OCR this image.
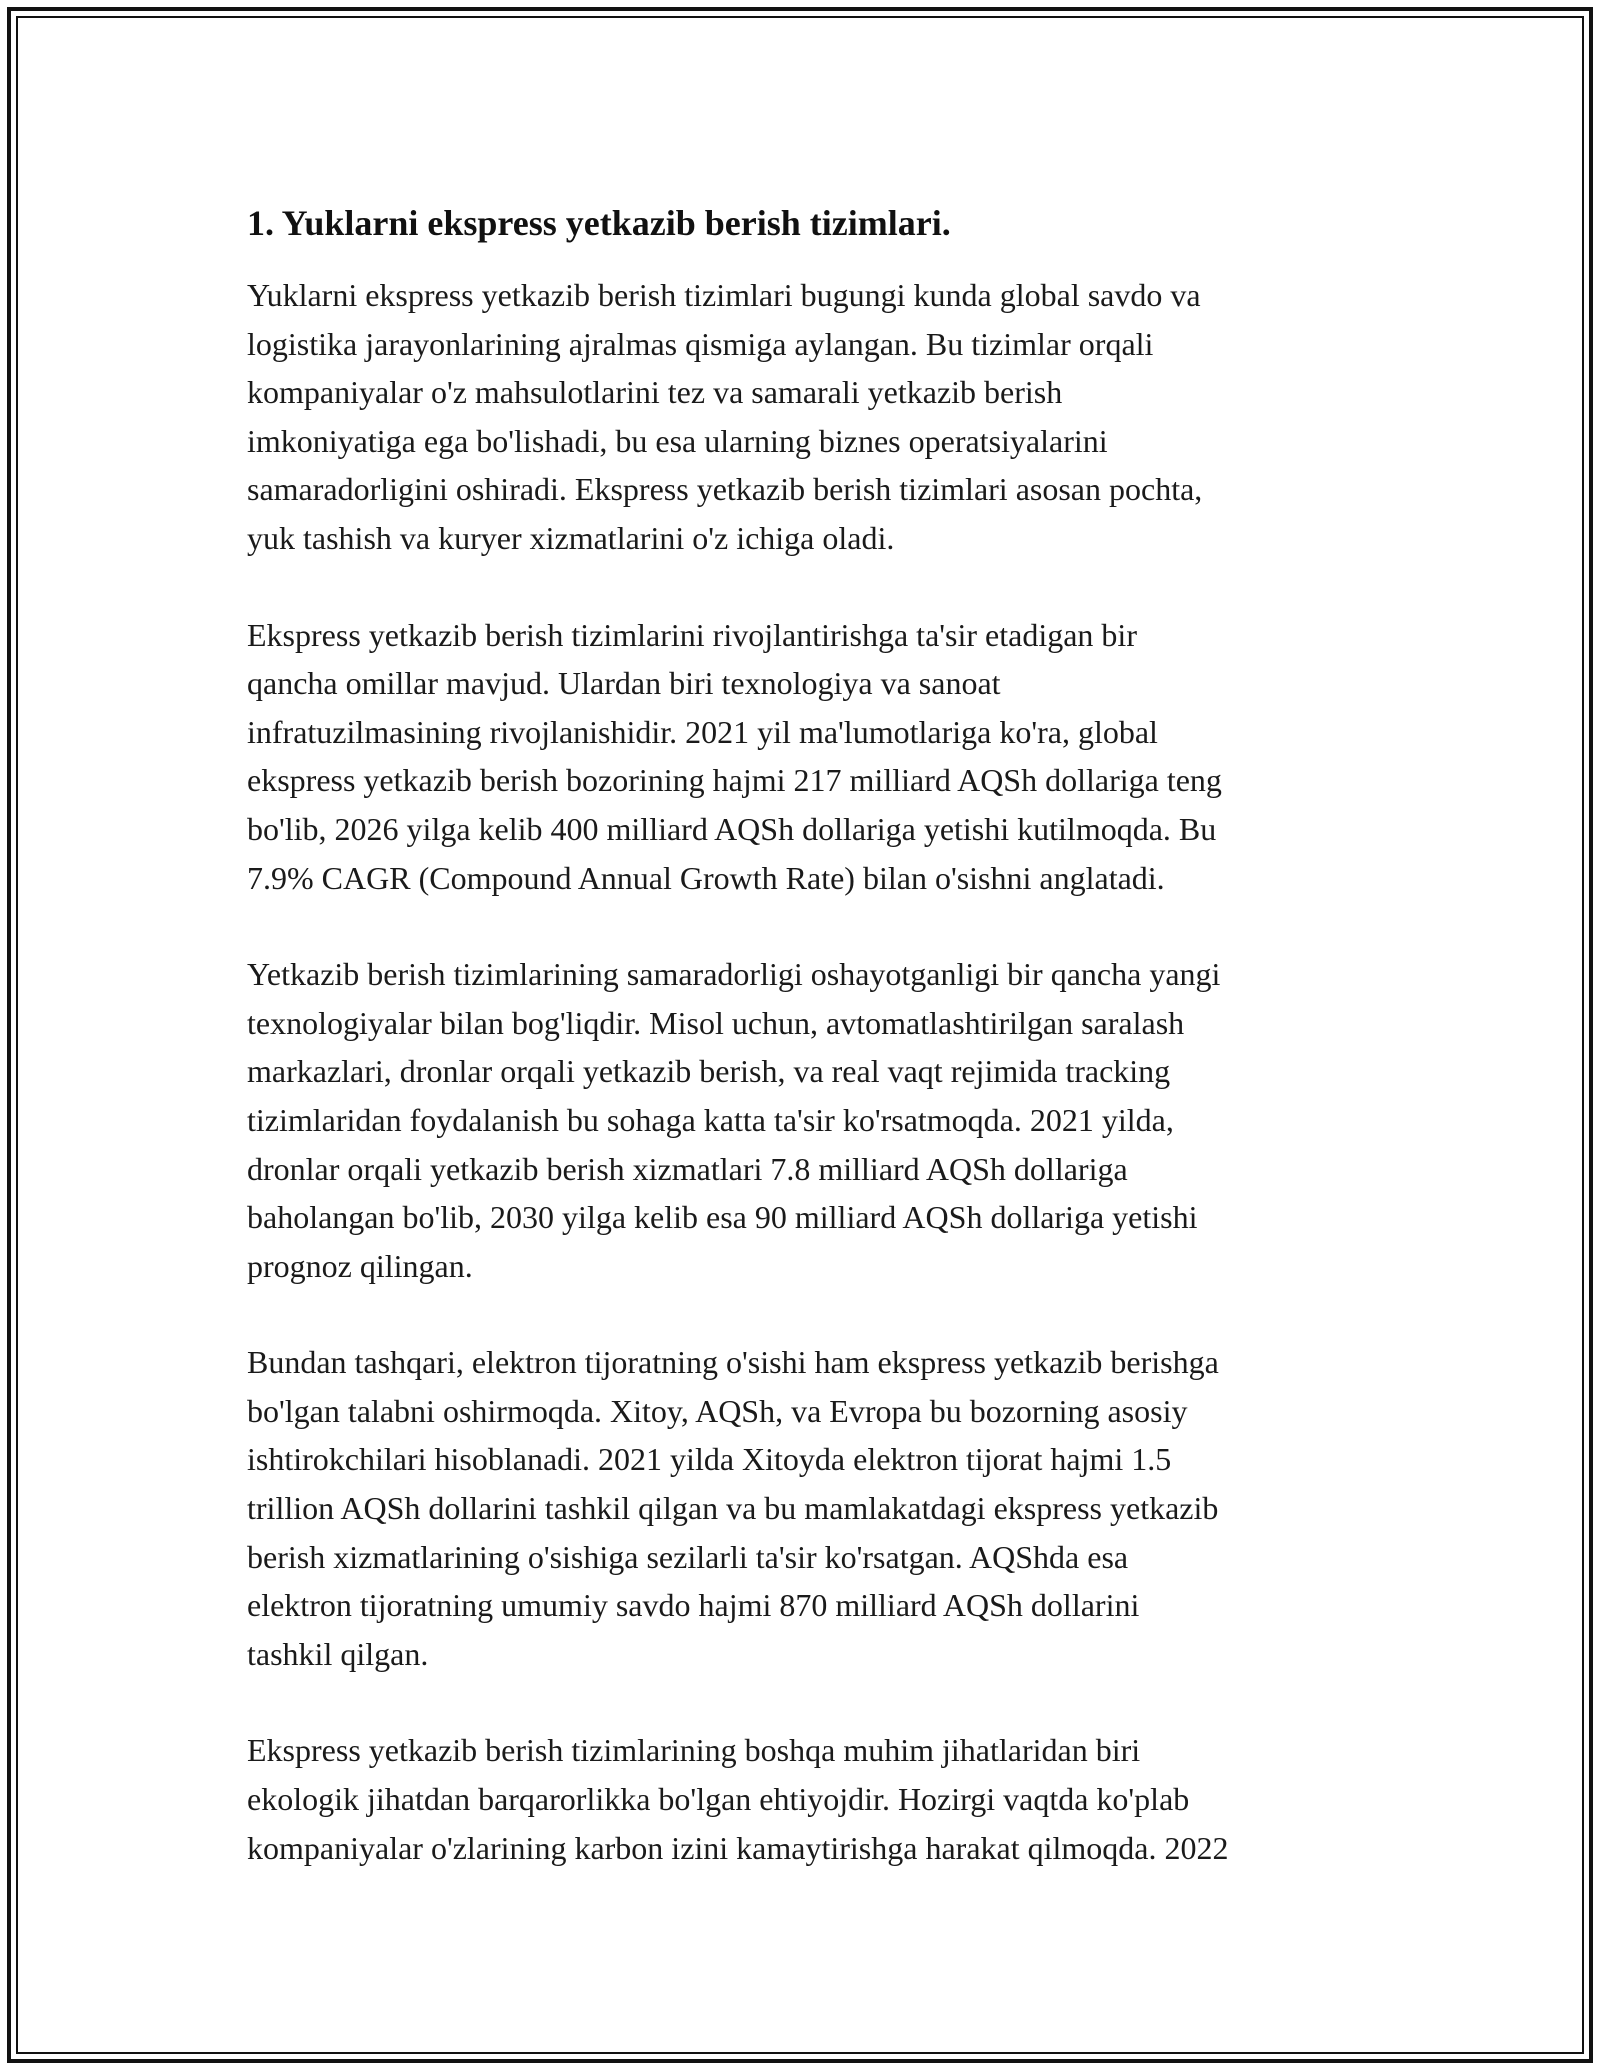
1. Yuklarni ekspress yetkazib berish tizimlari.

Yuklarni ekspress yetkazib berish tizimlari bugungi kunda global savdo va
logistika jarayonlarining ajralmas qismiga aylangan. Bu tizimlar orqali
kompaniyalar o'z mahsulotlarini tez va samarali yetkazib berish
imkoniyatiga ega bo'lishadi, bu esa ularning biznes operatsiyalarini
samaradorligini oshiradi. Ekspress yetkazib berish tizimlari asosan pochta,
yuk tashish va kuryer xizmatlarini o'z ichiga oladi.

Ekspress yetkazib berish tizimlarini rivojlantirishga ta'sir etadigan bir
qancha omillar mavjud. Ulardan biri texnologiya va sanoat
infratuzilmasining rivojlanishidir. 2021 yil ma'lumotlariga ko'ra, global
ekspress yetkazib berish bozorining hajmi 217 milliard AQSh dollariga teng
bo'lib, 2026 yilga kelib 400 milliard AQSh dollariga yetishi kutilmoqda. Bu
7.9% CAGR (Compound Annual Growth Rate) bilan o'sishni anglatadi.

Yetkazib berish tizimlarining samaradorligi oshayotganligi bir qancha yangi
texnologiyalar bilan bog'liqdir. Misol uchun, avtomatlashtirilgan saralash
markazlari, dronlar orqali yetkazib berish, va real vaqt rejimida tracking
tizimlaridan foydalanish bu sohaga katta ta'sir ko'rsatmoqda. 2021 yilda,
dronlar orqali yetkazib berish xizmatlari 7.8 milliard AQSh dollariga
baholangan bo'lib, 2030 yilga kelib esa 90 milliard AQSh dollariga yetishi
prognoz qilingan.

Bundan tashqari, elektron tijoratning o'sishi ham ekspress yetkazib berishga
bo'lgan talabni oshirmoqda. Xitoy, AQSh, va Evropa bu bozorning asosiy
ishtirokchilari hisoblanadi. 2021 yilda Xitoyda elektron tijorat hajmi 1.5
trillion AQSh dollarini tashkil qilgan va bu mamlakatdagi ekspress yetkazib
berish xizmatlarining o'sishiga sezilarli ta'sir ko'rsatgan. AQShda esa
elektron tijoratning umumiy savdo hajmi 870 milliard AQSh dollarini
tashkil qilgan.

Ekspress yetkazib berish tizimlarining boshqa muhim jihatlaridan biri
ekologik jihatdan barqarorlikka bo'lgan ehtiyojdir. Hozirgi vaqtda ko'plab
kompaniyalar o'zlarining karbon izini kamaytirishga harakat qilmoqda. 2022
